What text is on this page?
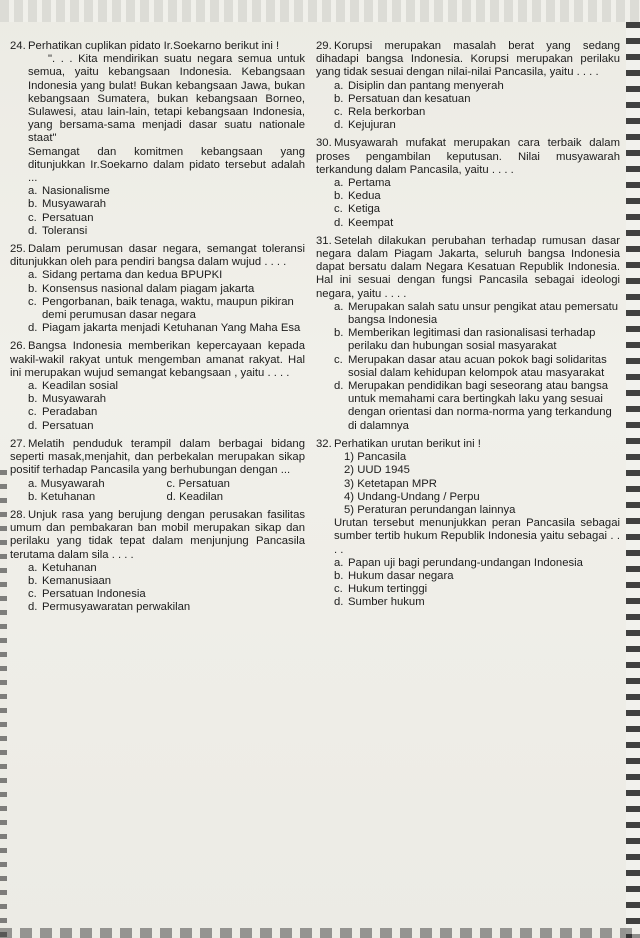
24. Perhatikan cuplikan pidato Ir.Soekarno berikut ini !
". . . Kita mendirikan suatu negara semua untuk semua, yaitu kebangsaan Indonesia. Kebangsaan Indonesia yang bulat! Bukan kebangsaan Jawa, bukan kebangsaan Sumatera, bukan kebangsaan Borneo, Sulawesi, atau lain-lain, tetapi kebangsaan Indonesia, yang bersama-sama menjadi dasar suatu nationale staat"
Semangat dan komitmen kebangsaan yang ditunjukkan Ir.Soekarno dalam pidato tersebut adalah ...
a. Nasionalisme
b. Musyawarah
c. Persatuan
d. Toleransi
25. Dalam perumusan dasar negara, semangat toleransi ditunjukkan oleh para pendiri bangsa dalam wujud . . . .
a. Sidang pertama dan kedua BPUPKI
b. Konsensus nasional dalam piagam jakarta
c. Pengorbanan, baik tenaga, waktu, maupun pikiran demi perumusan dasar negara
d. Piagam jakarta menjadi Ketuhanan Yang Maha Esa
26. Bangsa Indonesia memberikan kepercayaan kepada wakil-wakil rakyat untuk mengemban amanat rakyat. Hal ini merupakan wujud semangat kebangsaan , yaitu . . . .
a. Keadilan sosial
b. Musyawarah
c. Peradaban
d. Persatuan
27. Melatih penduduk terampil dalam berbagai bidang seperti masak,menjahit, dan perbekalan merupakan sikap positif terhadap Pancasila yang berhubungan dengan ...
a. Musyawarah	c. Persatuan
b. Ketuhanan	d. Keadilan
28. Unjuk rasa yang berujung dengan perusakan fasilitas umum dan pembakaran ban mobil merupakan sikap dan perilaku yang tidak tepat dalam menjunjung Pancasila terutama dalam sila . . . .
a. Ketuhanan
b. Kemanusiaan
c. Persatuan Indonesia
d. Permusyawaratan perwakilan
29. Korupsi merupakan masalah berat yang sedang dihadapi bangsa Indonesia. Korupsi merupakan perilaku yang tidak sesuai dengan nilai-nilai Pancasila, yaitu . . . .
a. Disiplin dan pantang menyerah
b. Persatuan dan kesatuan
c. Rela berkorban
d. Kejujuran
30. Musyawarah mufakat merupakan cara terbaik dalam proses pengambilan keputusan. Nilai musyawarah terkandung dalam Pancasila, yaitu . . . .
a. Pertama
b. Kedua
c. Ketiga
d. Keempat
31. Setelah dilakukan perubahan terhadap rumusan dasar negara dalam Piagam Jakarta, seluruh bangsa Indonesia dapat bersatu dalam Negara Kesatuan Republik Indonesia. Hal ini sesuai dengan fungsi Pancasila sebagai ideologi negara, yaitu . . . .
a. Merupakan salah satu unsur pengikat atau pemersatu bangsa Indonesia
b. Memberikan legitimasi dan rasionalisasi terhadap perilaku dan hubungan sosial masyarakat
c. Merupakan dasar atau acuan pokok bagi solidaritas sosial dalam kehidupan kelompok atau masyarakat
d. Merupakan pendidikan bagi seseorang atau bangsa untuk memahami cara bertingkah laku yang sesuai dengan orientasi dan norma-norma yang terkandung di dalamnya
32. Perhatikan urutan berikut ini !
1) Pancasila
2) UUD 1945
3) Ketetapan MPR
4) Undang-Undang / Perpu
5) Peraturan perundangan lainnya
Urutan tersebut menunjukkan peran Pancasila sebagai sumber tertib hukum Republik Indonesia yaitu sebagai . . . .
a. Papan uji bagi perundang-undangan Indonesia
b. Hukum dasar negara
c. Hukum tertinggi
d. Sumber hukum
